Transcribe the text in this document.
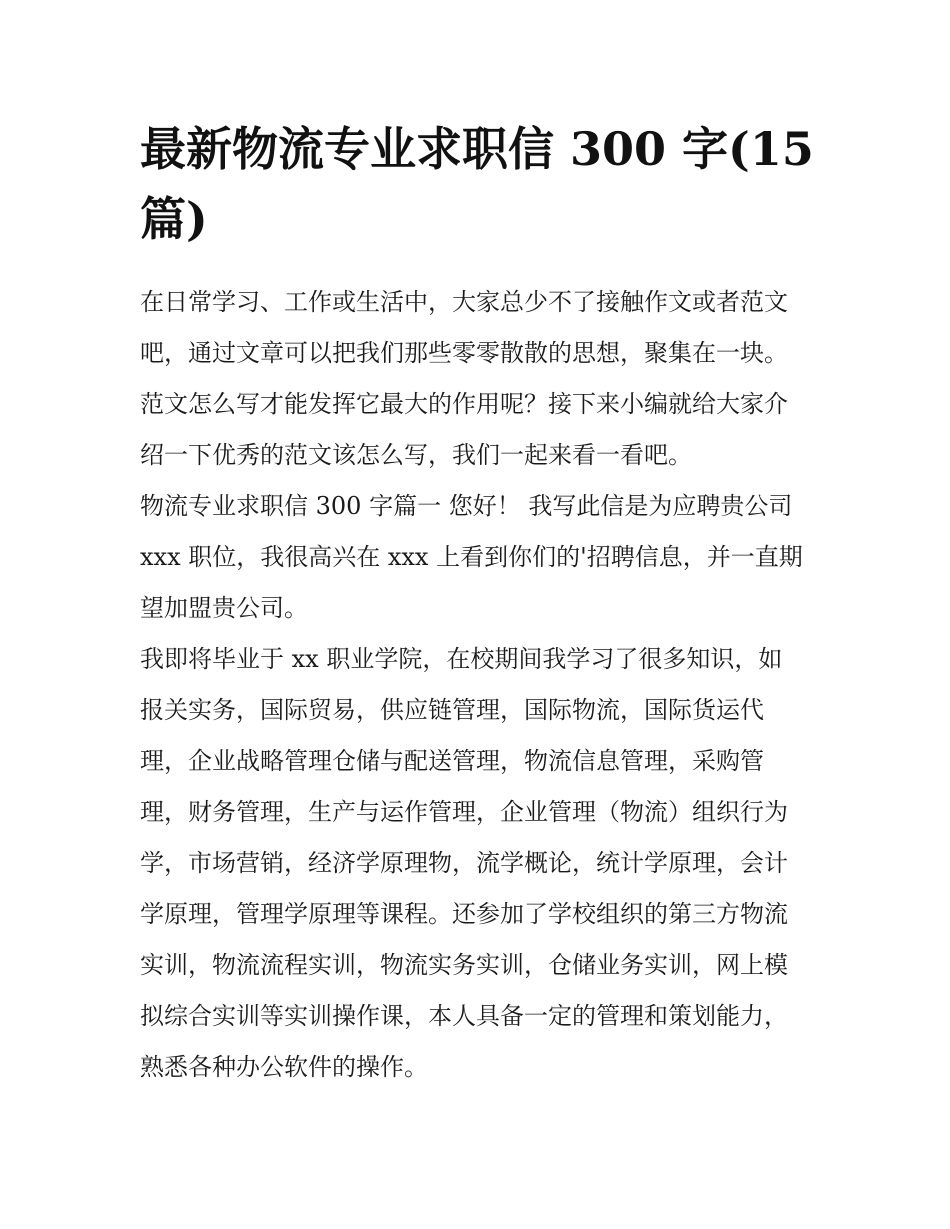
最新物流专业求职信 300 字(15
篇)
在日常学习、工作或生活中，大家总少不了接触作文或者范文
吧，通过文章可以把我们那些零零散散的思想，聚集在一块。
范文怎么写才能发挥它最大的作用呢？接下来小编就给大家介
绍一下优秀的范文该怎么写，我们一起来看一看吧。
物流专业求职信 300 字篇一 您好！ 我写此信是为应聘贵公司
xxx 职位，我很高兴在 xxx 上看到你们的'招聘信息，并一直期
望加盟贵公司。
我即将毕业于 xx 职业学院，在校期间我学习了很多知识，如
报关实务，国际贸易，供应链管理，国际物流，国际货运代
理，企业战略管理仓储与配送管理，物流信息管理，采购管
理，财务管理，生产与运作管理，企业管理（物流）组织行为
学，市场营销，经济学原理物，流学概论，统计学原理，会计
学原理，管理学原理等课程。还参加了学校组织的第三方物流
实训，物流流程实训，物流实务实训，仓储业务实训，网上模
拟综合实训等实训操作课，本人具备一定的管理和策划能力，
熟悉各种办公软件的操作。
